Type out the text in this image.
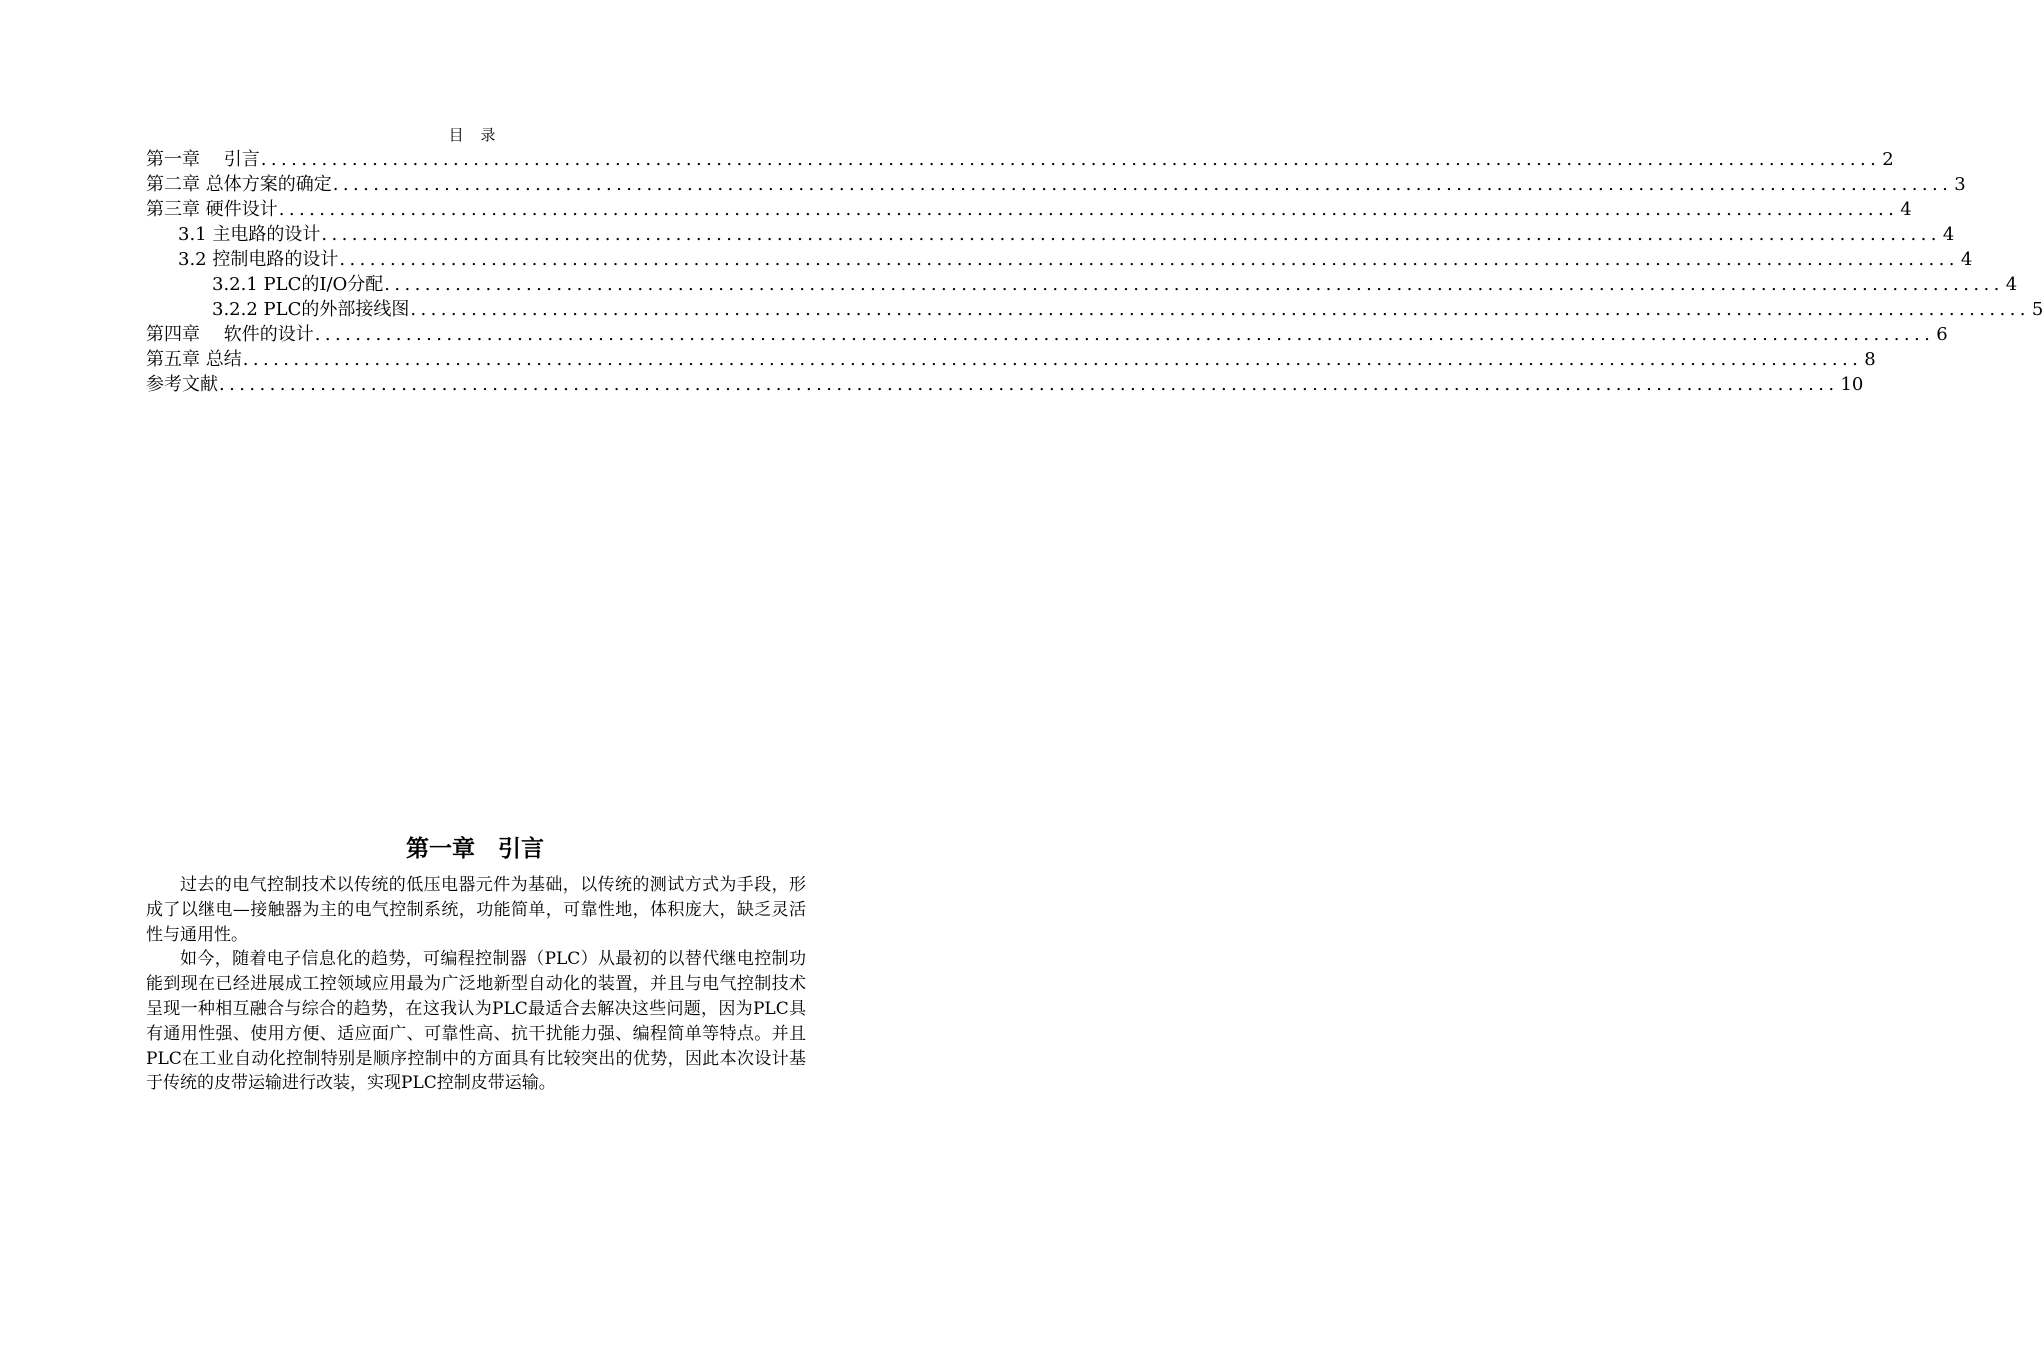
目 录
第一章　 引言 ................................................................................................................................................................ 2
第二章 总体方案的确定 ................................................................................................................................................................ 3
第三章 硬件设计 ................................................................................................................................................................ 4
3.1 主电路的设计 ................................................................................................................................................................ 4
3.2 控制电路的设计 ................................................................................................................................................................ 4
3.2.1 PLC的I/O分配 ................................................................................................................................................................ 4
3.2.2 PLC的外部接线图 ................................................................................................................................................................ 5
第四章　 软件的设计 ................................................................................................................................................................ 6
第五章 总结 ................................................................................................................................................................ 8
参考文献 ................................................................................................................................................................ 10
第一章　引言

过去的电气控制技术以传统的低压电器元件为基础，以传统的测试方式为手段，形成了以继电—接触器为主的电气控制系统，功能简单，可靠性地，体积庞大，缺乏灵活性与通用性。

如今，随着电子信息化的趋势，可编程控制器（PLC）从最初的以替代继电控制功能到现在已经进展成工控领域应用最为广泛地新型自动化的装置，并且与电气控制技术呈现一种相互融合与综合的趋势，在这我认为PLC最适合去解决这些问题，因为PLC具有通用性强、使用方便、适应面广、可靠性高、抗干扰能力强、编程简单等特点。并且PLC在工业自动化控制特别是顺序控制中的方面具有比较突出的优势，因此本次设计基于传统的皮带运输进行改装，实现PLC控制皮带运输。
